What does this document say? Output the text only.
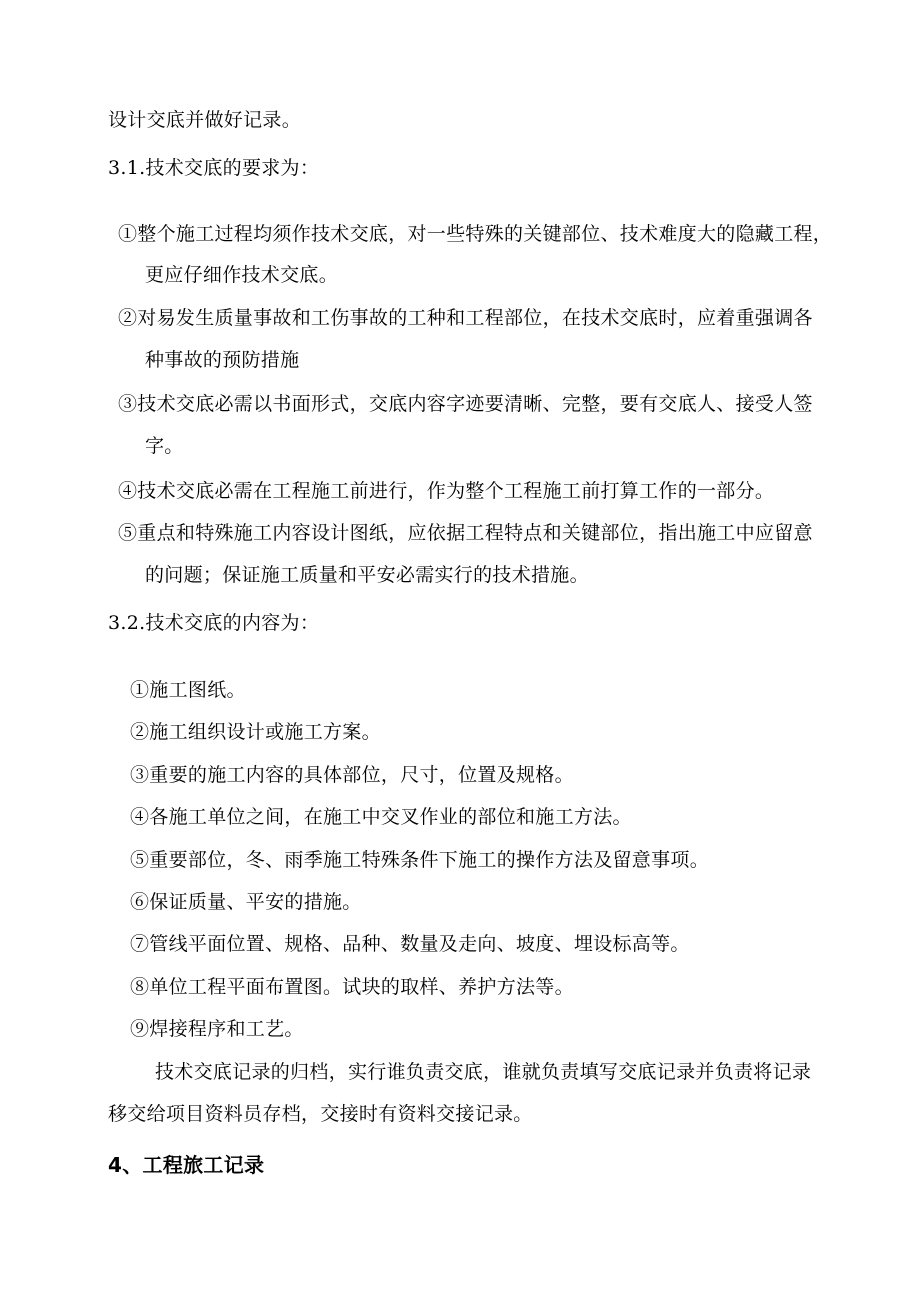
设计交底并做好记录。
3.1.技术交底的要求为：
①整个施工过程均须作技术交底，对一些特殊的关键部位、技术难度大的隐藏工程，
更应仔细作技术交底。
②对易发生质量事故和工伤事故的工种和工程部位，在技术交底时，应着重强调各
种事故的预防措施
③技术交底必需以书面形式，交底内容字迹要清晰、完整，要有交底人、接受人签
字。
④技术交底必需在工程施工前进行，作为整个工程施工前打算工作的一部分。
⑤重点和特殊施工内容设计图纸，应依据工程特点和关键部位，指出施工中应留意
的问题；保证施工质量和平安必需实行的技术措施。
3.2.技术交底的内容为：
①施工图纸。
②施工组织设计或施工方案。
③重要的施工内容的具体部位，尺寸，位置及规格。
④各施工单位之间，在施工中交叉作业的部位和施工方法。
⑤重要部位，冬、雨季施工特殊条件下施工的操作方法及留意事项。
⑥保证质量、平安的措施。
⑦管线平面位置、规格、品种、数量及走向、坡度、埋设标高等。
⑧单位工程平面布置图。试块的取样、养护方法等。
⑨焊接程序和工艺。
技术交底记录的归档，实行谁负责交底，谁就负责填写交底记录并负责将记录
移交给项目资料员存档，交接时有资料交接记录。
4、工程旅工记录
